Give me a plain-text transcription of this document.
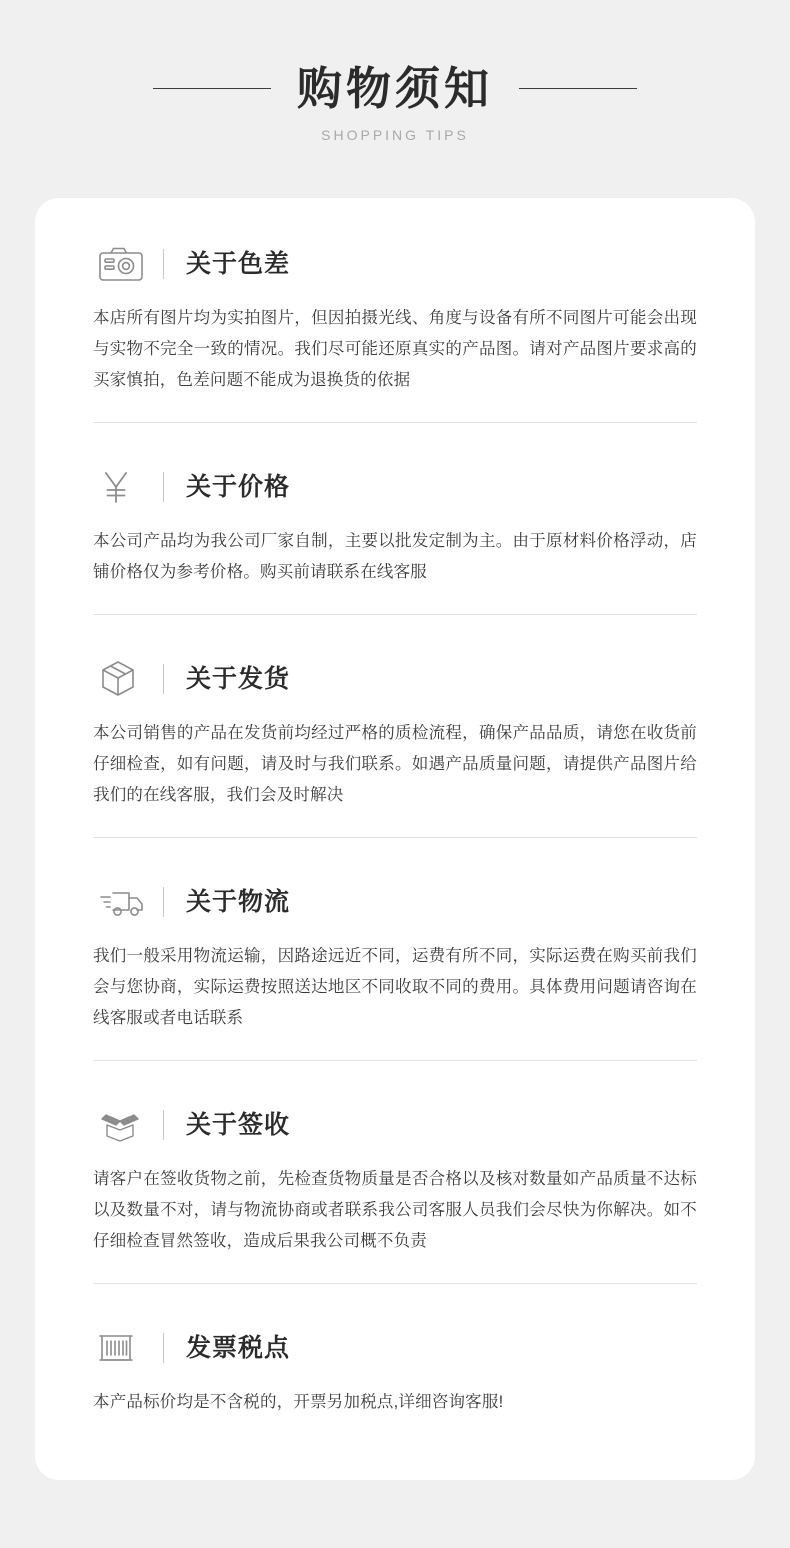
购物须知
SHOPPING TIPS
关于色差
本店所有图片均为实拍图片，但因拍摄光线、角度与设备有所不同图片可能会出现与实物不完全一致的情况。我们尽可能还原真实的产品图。请对产品图片要求高的买家慎拍，色差问题不能成为退换货的依据
关于价格
本公司产品均为我公司厂家自制，主要以批发定制为主。由于原材料价格浮动，店铺价格仅为参考价格。购买前请联系在线客服
关于发货
本公司销售的产品在发货前均经过严格的质检流程，确保产品品质，请您在收货前仔细检查，如有问题，请及时与我们联系。如遇产品质量问题，请提供产品图片给我们的在线客服，我们会及时解决
关于物流
我们一般采用物流运输，因路途远近不同，运费有所不同，实际运费在购买前我们会与您协商，实际运费按照送达地区不同收取不同的费用。具体费用问题请咨询在线客服或者电话联系
关于签收
请客户在签收货物之前，先检查货物质量是否合格以及核对数量如产品质量不达标以及数量不对，请与物流协商或者联系我公司客服人员我们会尽快为你解决。如不仔细检查冒然签收，造成后果我公司概不负责
发票税点
本产品标价均是不含税的，开票另加税点,详细咨询客服!
